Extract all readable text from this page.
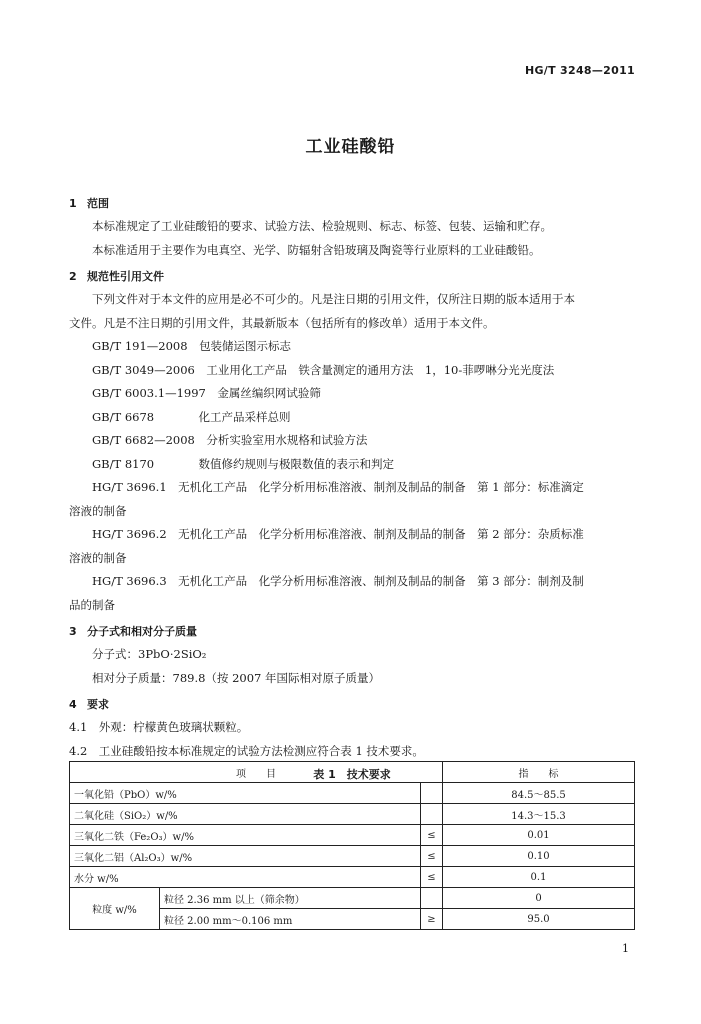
HG/T 3248—2011
工业硅酸铅
1 范围
本标准规定了工业硅酸铅的要求、试验方法、检验规则、标志、标签、包装、运输和贮存。
本标准适用于主要作为电真空、光学、防辐射含铅玻璃及陶瓷等行业原料的工业硅酸铅。
2 规范性引用文件
下列文件对于本文件的应用是必不可少的。凡是注日期的引用文件，仅所注日期的版本适用于本
文件。凡是不注日期的引用文件，其最新版本（包括所有的修改单）适用于本文件。
GB/T 191—2008　 包装储运图示标志
GB/T 3049—2006　 工业用化工产品　铁含量测定的通用方法　1，10-菲啰啉分光光度法
GB/T 6003.1—1997　 金属丝编织网试验筛
GB/T 6678　	化工产品采样总则
GB/T 6682—2008　 分析实验室用水规格和试验方法
GB/T 8170　	数值修约规则与极限数值的表示和判定
HG/T 3696.1　无机化工产品　化学分析用标准溶液、制剂及制品的制备　第 1 部分：标准滴定
溶液的制备
HG/T 3696.2　无机化工产品　化学分析用标准溶液、制剂及制品的制备　第 2 部分：杂质标准
溶液的制备
HG/T 3696.3　无机化工产品　化学分析用标准溶液、制剂及制品的制备　第 3 部分：制剂及制
品的制备
3 分子式和相对分子质量
分子式：3PbO·2SiO₂
相对分子质量：789.8（按 2007 年国际相对原子质量）
4 要求
4.1　外观：柠檬黄色玻璃状颗粒。
4.2　工业硅酸铅按本标准规定的试验方法检测应符合表 1 技术要求。
表 1　技术要求
项　　目			指　　标
一氧化铅（PbO）w/%			84.5～85.5
二氧化硅（SiO₂）w/%			14.3～15.3
三氧化二铁（Fe₂O₃）w/%		≤	0.01
三氧化二铝（Al₂O₃）w/%		≤	0.10
水分 w/%		≤	0.1
粒度 w/%	粒径 2.36 mm 以上（筛余物）		0
	粒径 2.00 mm～0.106 mm	≥	95.0
1
